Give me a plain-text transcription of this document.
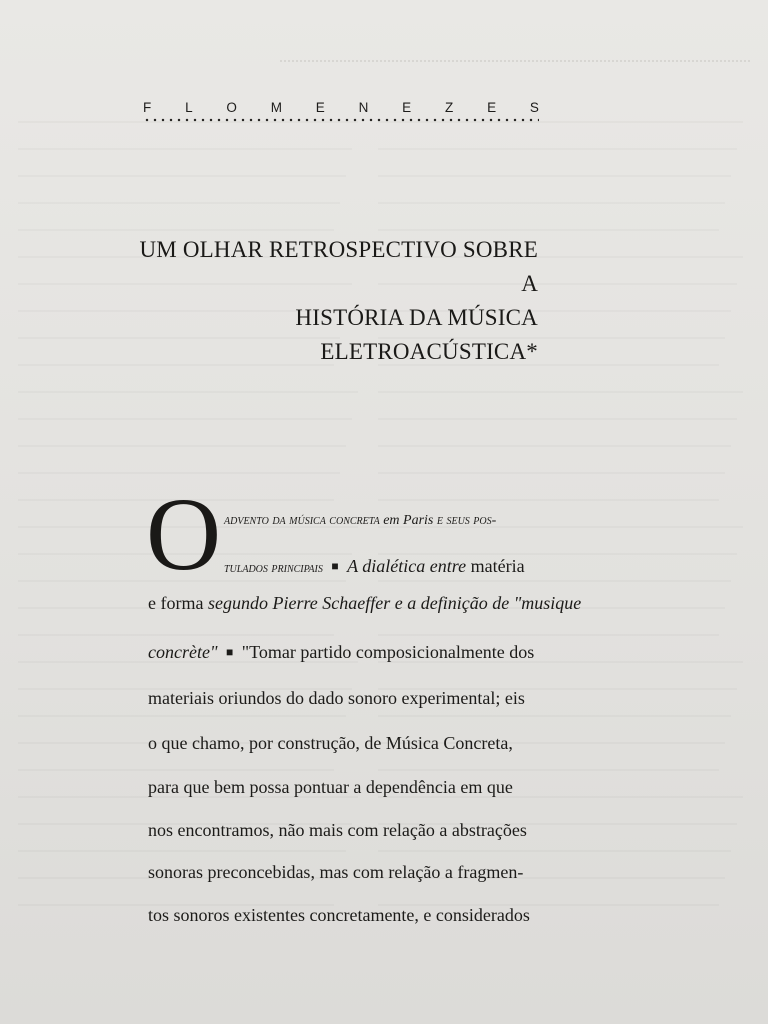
F	L	O	M	E	N	E	Z	E	S
UM OLHAR RETROSPECTIVO SOBRE A
HISTÓRIA DA MÚSICA
ELETROACÚSTICA*
O advento da música concreta em Paris e seus pos-
tulados principais ■ A dialética entre matéria
e forma segundo Pierre Schaeffer e a definição de "musique
concrète" ■ "Tomar partido composicionalmente dos
materiais oriundos do dado sonoro experimental; eis
o que chamo, por construção, de Música Concreta,
para que bem possa pontuar a dependência em que
nos encontramos, não mais com relação a abstrações
sonoras preconcebidas, mas com relação a fragmen-
tos sonoros existentes concretamente, e considerados
